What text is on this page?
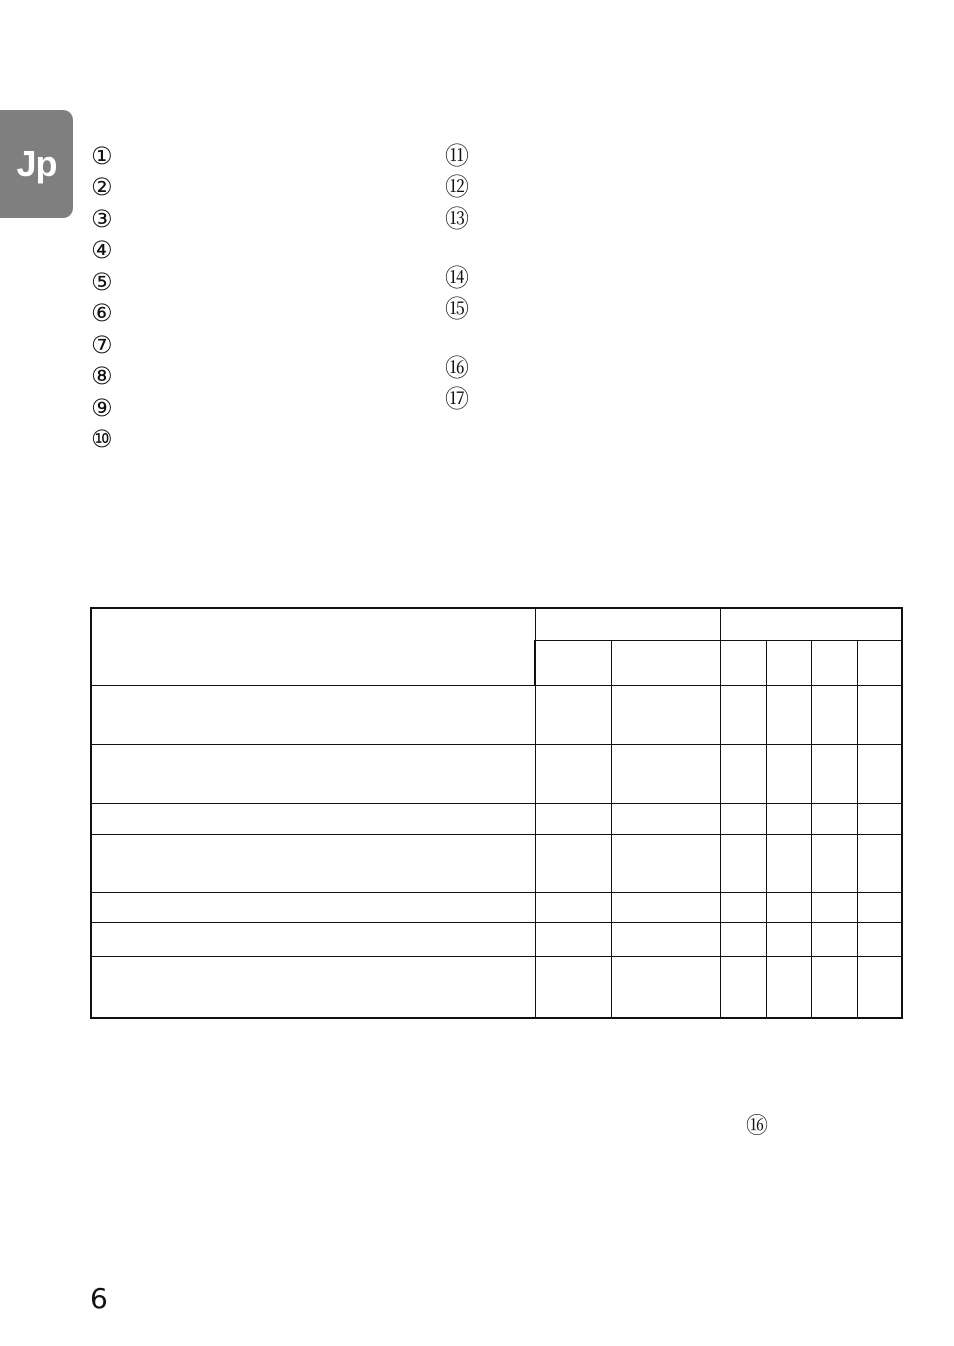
Jp ①
②
③
④
⑤
⑥
⑦
⑧
⑨
⑩
⑪
⑫
⑬
⑭
⑮
⑯
⑰

⑯
6
